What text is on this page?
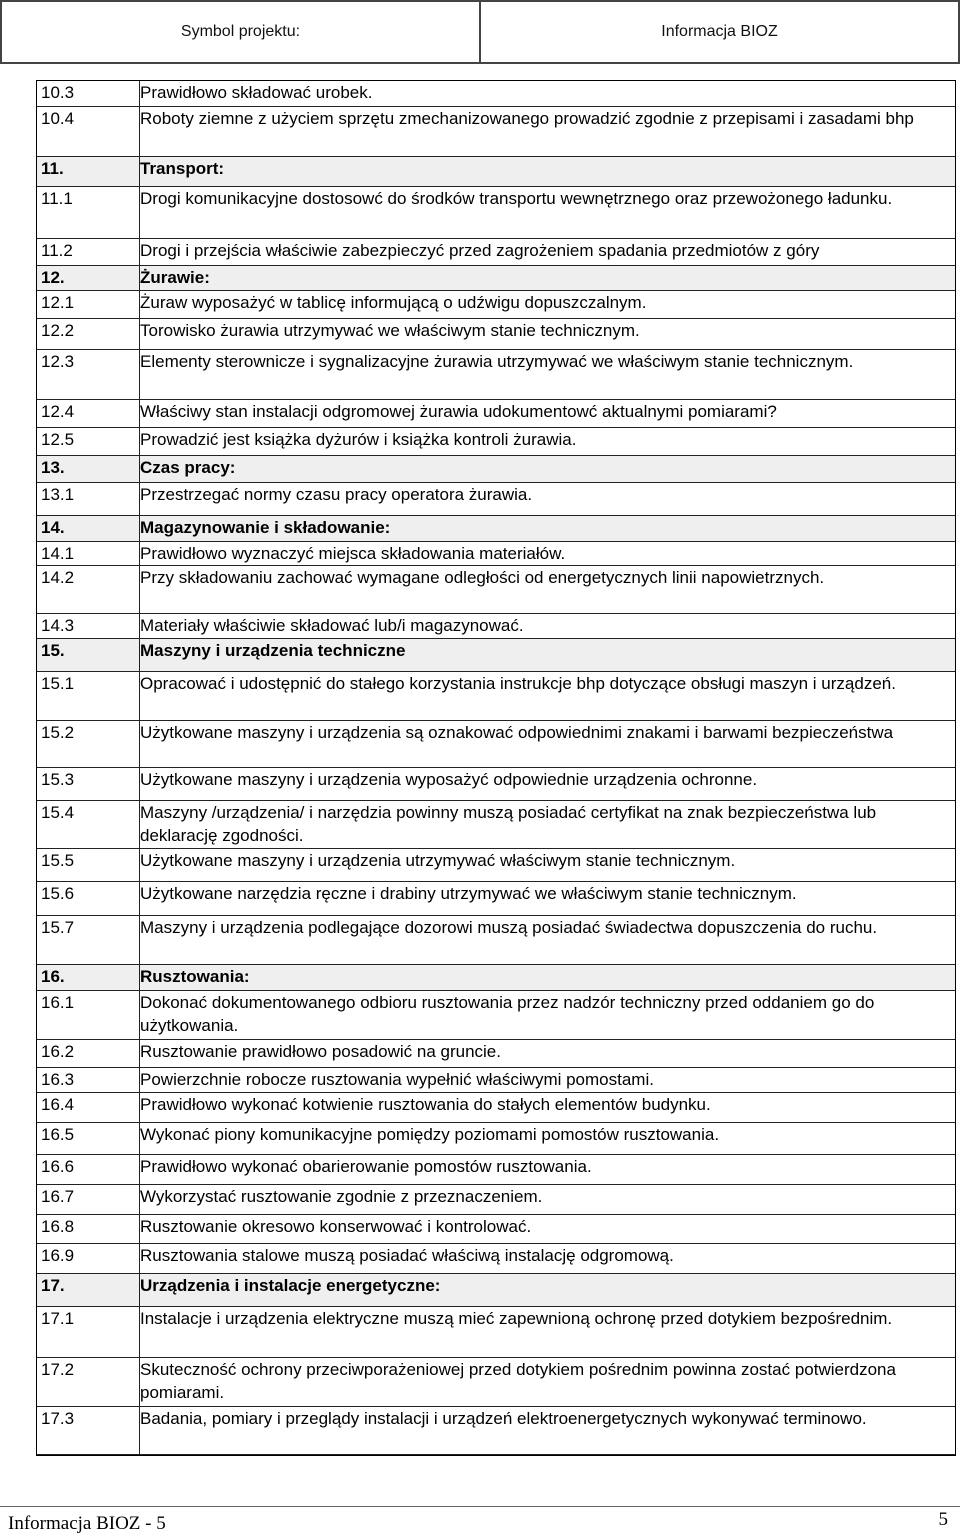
Symbol projektu:	Informacja BIOZ
10.3	Prawidłowo składować urobek.
10.4	Roboty ziemne z użyciem sprzętu zmechanizowanego prowadzić zgodnie z przepisami i zasadami bhp
11.	Transport:
11.1	Drogi komunikacyjne dostosowć do środków transportu wewnętrznego oraz przewożonego ładunku.
11.2	Drogi i przejścia właściwie zabezpieczyć przed zagrożeniem spadania przedmiotów z góry
12.	Żurawie:
12.1	Żuraw wyposażyć w tablicę informującą o udźwigu dopuszczalnym.
12.2	Torowisko żurawia utrzymywać we właściwym stanie technicznym.
12.3	Elementy sterownicze i sygnalizacyjne żurawia utrzymywać we właściwym stanie technicznym.
12.4	Właściwy stan instalacji odgromowej żurawia udokumentowć aktualnymi pomiarami?
12.5	Prowadzić jest książka dyżurów i książka kontroli żurawia.
13.	Czas pracy:
13.1	Przestrzegać normy czasu pracy operatora żurawia.
14.	Magazynowanie i składowanie:
14.1	Prawidłowo wyznaczyć miejsca składowania materiałów.
14.2	Przy składowaniu zachować wymagane odległości od energetycznych linii napowietrznych.
14.3	Materiały właściwie składować lub/i magazynować.
15.	Maszyny i urządzenia techniczne
15.1	Opracować i udostępnić do stałego korzystania instrukcje bhp dotyczące obsługi maszyn i urządzeń.
15.2	Użytkowane maszyny i urządzenia są oznakować odpowiednimi znakami i barwami bezpieczeństwa
15.3	Użytkowane maszyny i urządzenia wyposażyć odpowiednie urządzenia ochronne.
15.4	Maszyny /urządzenia/ i narzędzia powinny muszą posiadać certyfikat na znak bezpieczeństwa lub deklarację zgodności.
15.5	Użytkowane maszyny i urządzenia utrzymywać właściwym stanie technicznym.
15.6	Użytkowane narzędzia ręczne i drabiny utrzymywać we właściwym stanie technicznym.
15.7	Maszyny i urządzenia podlegające dozorowi muszą posiadać świadectwa dopuszczenia do ruchu.
16.	Rusztowania:
16.1	Dokonać dokumentowanego odbioru rusztowania przez nadzór techniczny przed oddaniem go do użytkowania.
16.2	Rusztowanie prawidłowo posadowić na gruncie.
16.3	Powierzchnie robocze rusztowania wypełnić właściwymi pomostami.
16.4	Prawidłowo wykonać kotwienie rusztowania do stałych elementów budynku.
16.5	Wykonać piony komunikacyjne pomiędzy poziomami pomostów rusztowania.
16.6	Prawidłowo wykonać obarierowanie pomostów rusztowania.
16.7	Wykorzystać rusztowanie zgodnie z przeznaczeniem.
16.8	Rusztowanie okresowo konserwować i kontrolować.
16.9	Rusztowania stalowe muszą posiadać właściwą instalację odgromową.
17.	Urządzenia i instalacje energetyczne:
17.1	Instalacje i urządzenia elektryczne muszą mieć zapewnioną ochronę przed dotykiem bezpośrednim.
17.2	Skuteczność ochrony przeciwporażeniowej przed dotykiem pośrednim powinna zostać potwierdzona pomiarami.
17.3	Badania, pomiary i przeglądy instalacji i urządzeń elektroenergetycznych wykonywać terminowo.
Informacja BIOZ - 5	5
